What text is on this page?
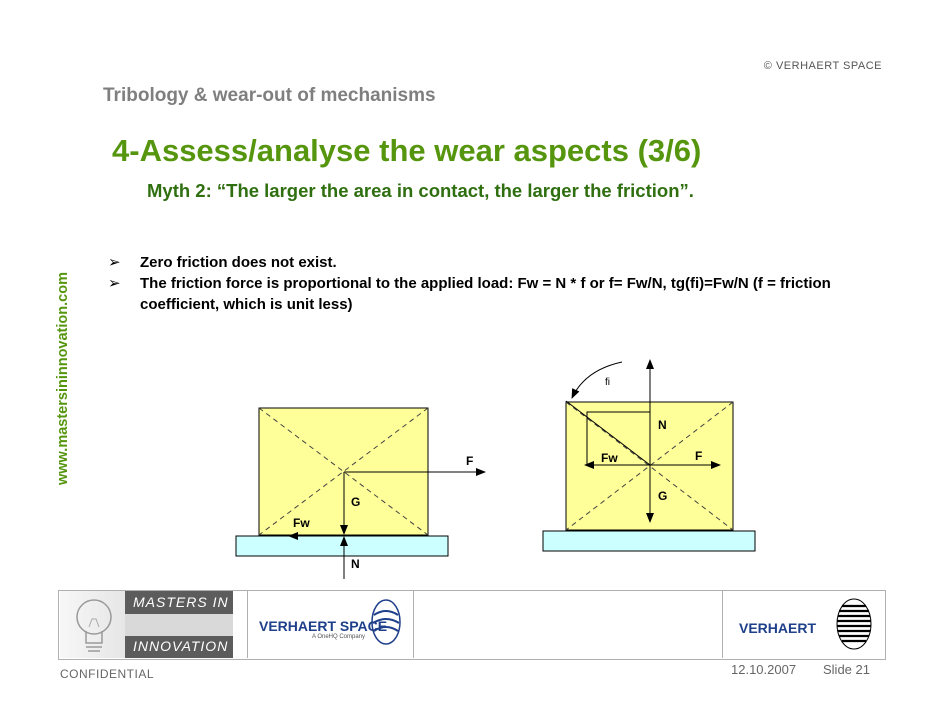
© VERHAERT SPACE
Tribology & wear-out of mechanisms
4-Assess/analyse the wear aspects (3/6)
Myth 2: “The larger the area in contact, the larger the friction”.
www.mastersininnovation.com
➢ Zero friction does not exist.
➢ The friction force is proportional to the applied load: Fw = N * f or f= Fw/N, tg(fi)=Fw/N (f = friction coefficient, which is unit less)
F
G
Fw
N
fi
N
Fw	F
G
MASTERS IN
INNOVATION
VERHAERT SPACE
A OneHQ Company
VERHAERT
CONFIDENTIAL	12.10.2007 Slide 21
